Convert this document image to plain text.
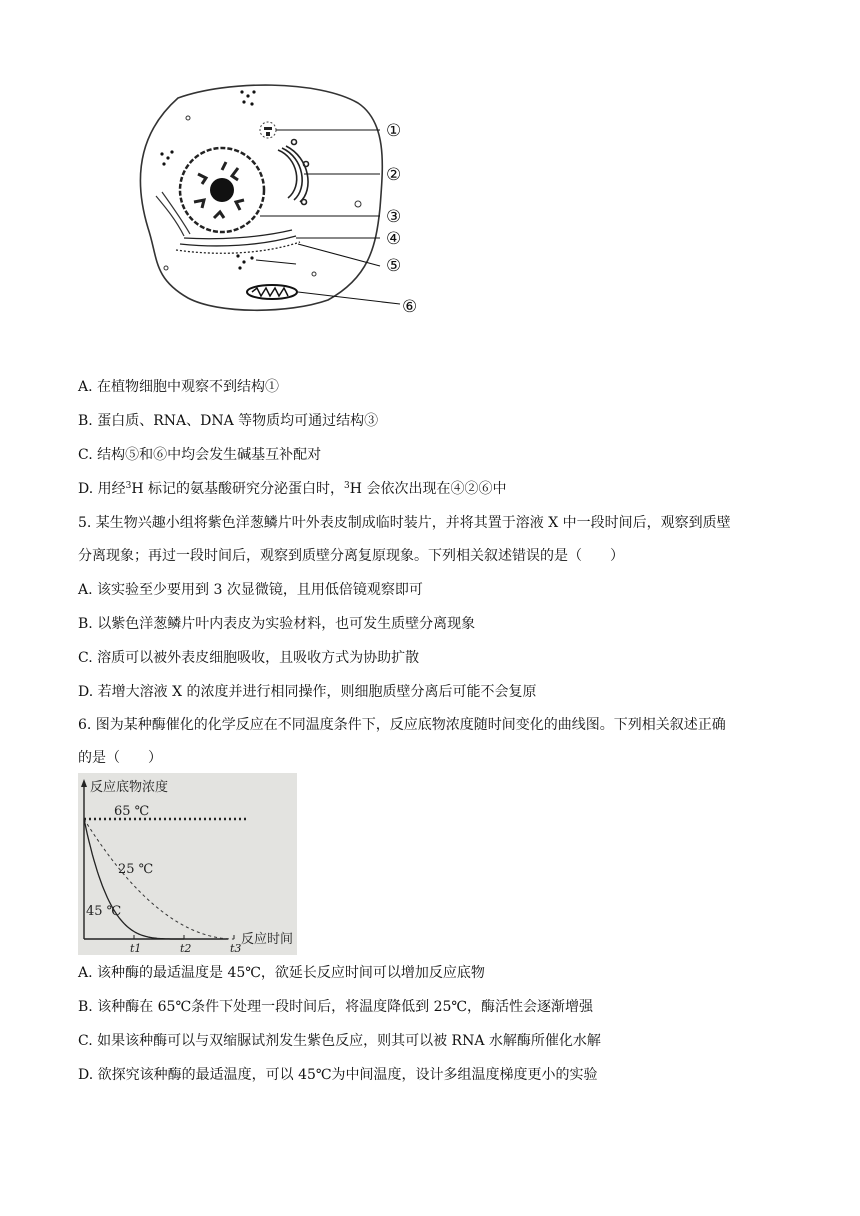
①
②
③
④
⑤
⑥
A. 在植物细胞中观察不到结构①
B. 蛋白质、RNA、DNA 等物质均可通过结构③
C. 结构⑤和⑥中均会发生碱基互补配对
D. 用经$^3$H 标记的氨基酸研究分泌蛋白时，$^3$H 会依次出现在④②⑥中
5. 某生物兴趣小组将紫色洋葱鳞片叶外表皮制成临时装片，并将其置于溶液 X 中一段时间后，观察到质壁
分离现象；再过一段时间后，观察到质壁分离复原现象。下列相关叙述错误的是（　　）
A. 该实验至少要用到 3 次显微镜，且用低倍镜观察即可
B. 以紫色洋葱鳞片叶内表皮为实验材料，也可发生质壁分离现象
C. 溶质可以被外表皮细胞吸收，且吸收方式为协助扩散
D. 若增大溶液 X 的浓度并进行相同操作，则细胞质壁分离后可能不会复原
6. 图为某种酶催化的化学反应在不同温度条件下，反应底物浓度随时间变化的曲线图。下列相关叙述正确
的是（　　）
反应底物浓度
反应时间
t1	t2	t3
65 ℃
25 ℃
45 ℃
A. 该种酶的最适温度是 45℃，欲延长反应时间可以增加反应底物
B. 该种酶在 65℃条件下处理一段时间后，将温度降低到 25℃，酶活性会逐渐增强
C. 如果该种酶可以与双缩脲试剂发生紫色反应，则其可以被 RNA 水解酶所催化水解
D. 欲探究该种酶的最适温度，可以 45℃为中间温度，设计多组温度梯度更小的实验
